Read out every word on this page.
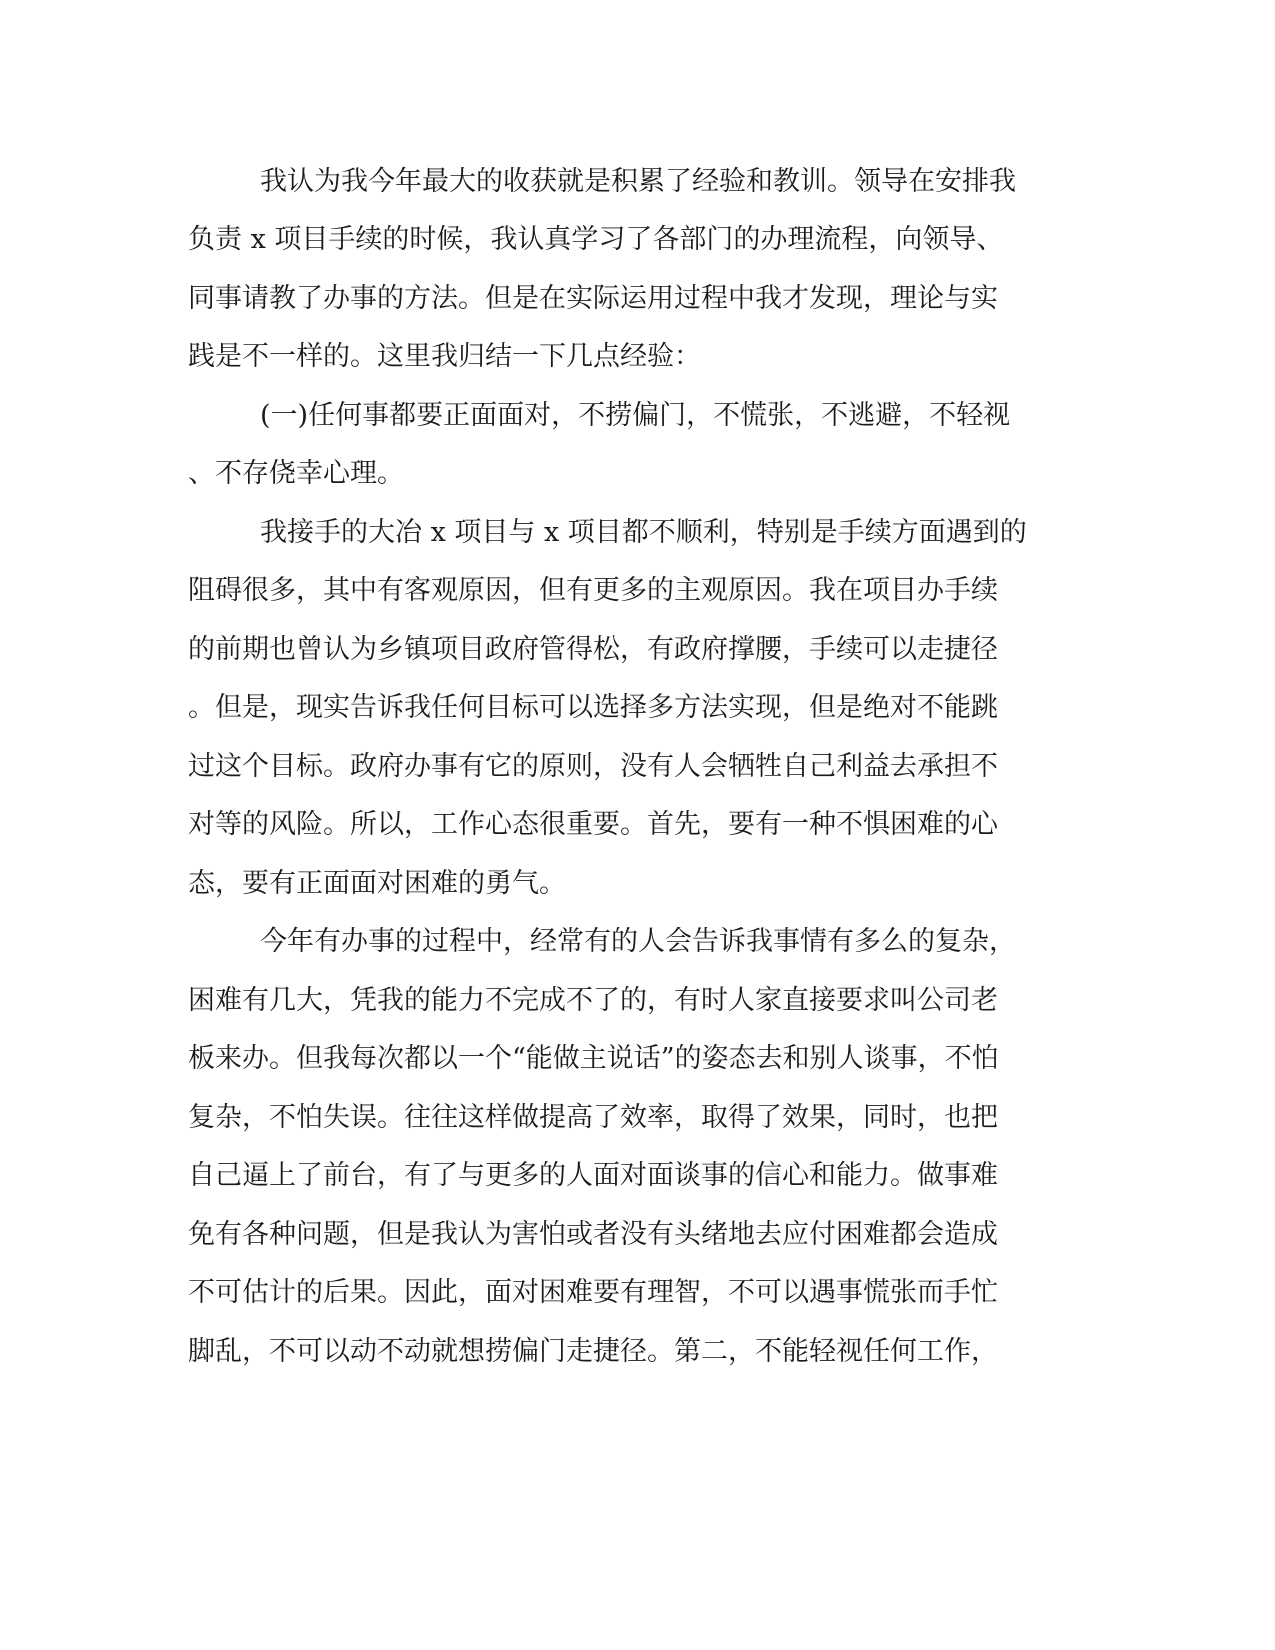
我认为我今年最大的收获就是积累了经验和教训。领导在安排我
负责 x 项目手续的时候，我认真学习了各部门的办理流程，向领导、
同事请教了办事的方法。但是在实际运用过程中我才发现，理论与实
践是不一样的。这里我归结一下几点经验：
(一)任何事都要正面面对，不捞偏门，不慌张，不逃避，不轻视
、不存侥幸心理。
我接手的大冶 x 项目与 x 项目都不顺利，特别是手续方面遇到的
阻碍很多，其中有客观原因，但有更多的主观原因。我在项目办手续
的前期也曾认为乡镇项目政府管得松，有政府撑腰，手续可以走捷径
。但是，现实告诉我任何目标可以选择多方法实现，但是绝对不能跳
过这个目标。政府办事有它的原则，没有人会牺牲自己利益去承担不
对等的风险。所以，工作心态很重要。首先，要有一种不惧困难的心
态，要有正面面对困难的勇气。
今年有办事的过程中，经常有的人会告诉我事情有多么的复杂，
困难有几大，凭我的能力不完成不了的，有时人家直接要求叫公司老
板来办。但我每次都以一个“能做主说话”的姿态去和别人谈事，不怕
复杂，不怕失误。往往这样做提高了效率，取得了效果，同时，也把
自己逼上了前台，有了与更多的人面对面谈事的信心和能力。做事难
免有各种问题，但是我认为害怕或者没有头绪地去应付困难都会造成
不可估计的后果。因此，面对困难要有理智，不可以遇事慌张而手忙
脚乱，不可以动不动就想捞偏门走捷径。第二，不能轻视任何工作，
